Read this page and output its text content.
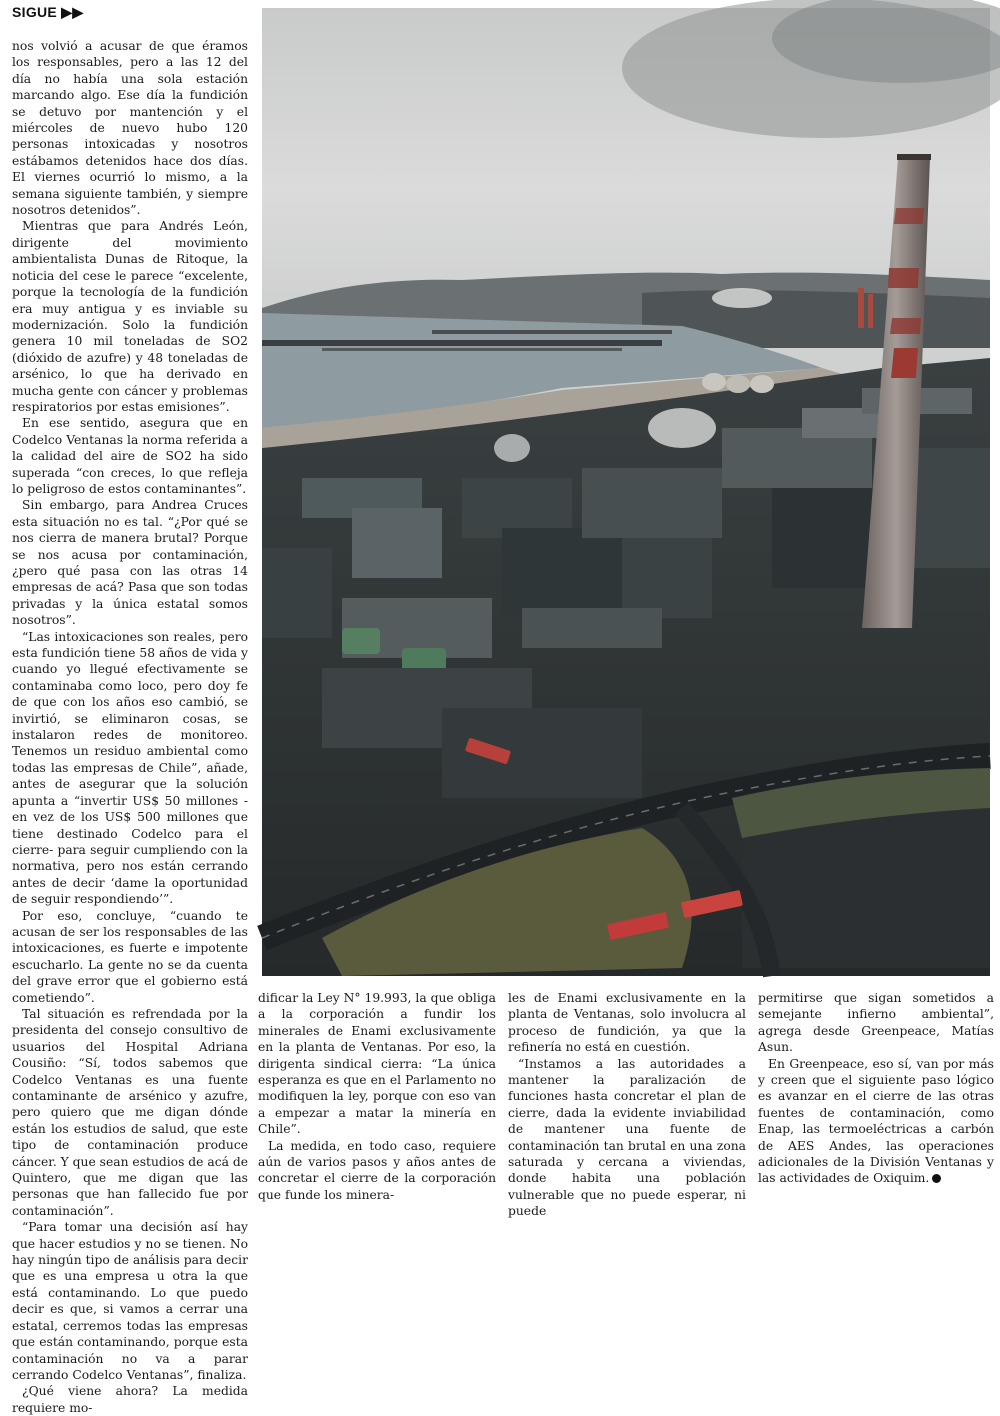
SIGUE ▶▶

nos volvió a acusar de que éramos los responsables, pero a las 12 del día no había una sola estación marcando algo. Ese día la fundición se detuvo por mantención y el miércoles de nuevo hubo 120 personas intoxicadas y nosotros estábamos detenidos hace dos días. El viernes ocurrió lo mismo, a la semana siguiente también, y siempre nosotros detenidos”.

Mientras que para Andrés León, dirigente del movimiento ambientalista Dunas de Ritoque, la noticia del cese le parece “excelente, porque la tecnología de la fundición era muy antigua y es inviable su modernización. Solo la fundición genera 10 mil toneladas de SO2 (dióxido de azufre) y 48 toneladas de arsénico, lo que ha derivado en mucha gente con cáncer y problemas respiratorios por estas emisiones”.

En ese sentido, asegura que en Codelco Ventanas la norma referida a la calidad del aire de SO2 ha sido superada “con creces, lo que refleja lo peligroso de estos contaminantes”.

Sin embargo, para Andrea Cruces esta situación no es tal. “¿Por qué se nos cierra de manera brutal? Porque se nos acusa por contaminación, ¿pero qué pasa con las otras 14 empresas de acá? Pasa que son todas privadas y la única estatal somos nosotros”.

“Las intoxicaciones son reales, pero esta fundición tiene 58 años de vida y cuando yo llegué efectivamente se contaminaba como loco, pero doy fe de que con los años eso cambió, se invirtió, se eliminaron cosas, se instalaron redes de monitoreo. Tenemos un residuo ambiental como todas las empresas de Chile”, añade, antes de asegurar que la solución apunta a “invertir US$ 50 millones -en vez de los US$ 500 millones que tiene destinado Codelco para el cierre- para seguir cumpliendo con la normativa, pero nos están cerrando antes de decir ‘dame la oportunidad de seguir respondiendo’”.

Por eso, concluye, “cuando te acusan de ser los responsables de las intoxicaciones, es fuerte e impotente escucharlo. La gente no se da cuenta del grave error que el gobierno está cometiendo”.

Tal situación es refrendada por la presidenta del consejo consultivo de usuarios del Hospital Adriana Cousiño: “Sí, todos sabemos que Codelco Ventanas es una fuente contaminante de arsénico y azufre, pero quiero que me digan dónde están los estudios de salud, que este tipo de contaminación produce cáncer. Y que sean estudios de acá de Quintero, que me digan que las personas que han fallecido fue por contaminación”.

“Para tomar una decisión así hay que hacer estudios y no se tienen. No hay ningún tipo de análisis para decir que es una empresa u otra la que está contaminando. Lo que puedo decir es que, si vamos a cerrar una estatal, cerremos todas las empresas que están contaminando, porque esta contaminación no va a parar cerrando Codelco Ventanas”, finaliza.

¿Qué viene ahora? La medida requiere mo-

dificar la Ley N° 19.993, la que obliga a la corporación a fundir los minerales de Enami exclusivamente en la planta de Ventanas. Por eso, la dirigenta sindical cierra: “La única esperanza es que en el Parlamento no modifiquen la ley, porque con eso van a empezar a matar la minería en Chile”.

La medida, en todo caso, requiere aún de varios pasos y años antes de concretar el cierre de la corporación que funde los minera-

les de Enami exclusivamente en la planta de Ventanas, solo involucra al proceso de fundición, ya que la refinería no está en cuestión.

“Instamos a las autoridades a mantener la paralización de funciones hasta concretar el plan de cierre, dada la evidente inviabilidad de mantener una fuente de contaminación tan brutal en una zona saturada y cercana a viviendas, donde habita una población vulnerable que no puede esperar, ni puede

permitirse que sigan sometidos a semejante infierno ambiental”, agrega desde Greenpeace, Matías Asun.

En Greenpeace, eso sí, van por más y creen que el siguiente paso lógico es avanzar en el cierre de las otras fuentes de contaminación, como Enap, las termoeléctricas a carbón de AES Andes, las operaciones adicionales de la División Ventanas y las actividades de Oxiquim.
